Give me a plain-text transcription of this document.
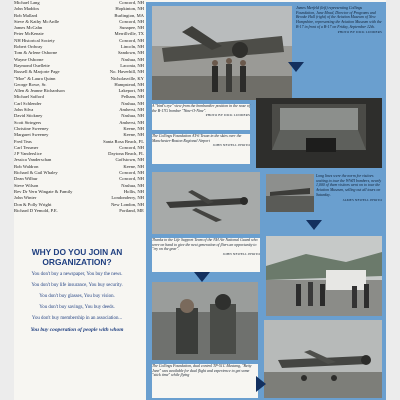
Michael Lang	Concord, NH
John Maddox	Hopkinton, NH
Bob Mallard	Burlington, MA
Steve & Kathy McArdle	Concord, NH
James McCahn	Sunapee, NH
Peter McKenzie	Merrillville, TX
NH Historical Society	Concord, NH
Robert Ordway	Lincoln, NH
Tom & Arlene Osborne	Sandown, NH
Wayne Osborne	Nashua, NH
Raymond Ouellette	Laconia, NH
Russell & Marjorie Page	No. Haverhill, NH
"Moe" & Laura Quinn	Nicholasville, KY
George Rowe, Sr.	Hampstead, NH
Allen & Jeanne Richardson	Lakeport, NH
Michael Safford	Pelham, NH
Carl Schlender	Nashua, NH
John Silva	Amherst, NH
David Stickney	Nashua, NH
Scott Stringers	Amherst, NH
Christine Sweeney	Keene, NH
Margaret Sweeney	Keene, NH
Fred Teas	Santa Rosa Beach, FL
Carl Tessmer	Concord, NH
J P Vanderslice	Daytona Beach, FL
Jessica Vanderschan	Goffstown, NH
Bob Waldron	Keene, NH
Richard & Gail Whaley	Concord, NH
Dean Wilbur	Concord, NH
Steve Wilson	Nashua, NH
Rev Dr Vern Wingate & Family	Hollis, NH
John Winter	Londonderry, NH
Don & Polly Wright	New London, NH
Richard D Yemold, P.E.	Portland, ME
WHY DO YOU JOIN AN ORGANIZATION?
You don't buy a newspaper, You buy the news.
You don't buy life insurance, You buy security.
You don't buy glasses, You buy vision.
You don't buy savings, You buy deeds.
You don't buy membership in an association...
You buy cooperation of people with whom
James Merfeld (left) representing Collings Foundation, Jane Mead, Director of Programs and Brooke Hull (right) of the Aviation Museum of New Hampshire, representing the Aviation Museum with the B-17 in front of a B-17 on Friday, September 12th.
PHOTO BY DICK LUDDERS
A "bird's eye" view from the bombardier position in the nose of the B-17G bomber "Nine-O-Nine".
PHOTO BY DICK LUDDERS
The Collings Foundation AT-6 Texan in the skies over the Manchester-Boston Regional Airport
JOHN NEWELL PHOTO
Long lines were the norm for visitors waiting to tour the WWII bombers, nearly 1,000 of them visitors went on to tour the Aviation Museum, selling out all tours on Saturday.
JAMES NEWELL PHOTO
Thanks to the Life Support Team of the NH Air National Guard who were on hand to give the next generation of fliers an opportunity to "try on the gear".
JOHN NEWELL PHOTO
The Collings Foundation, dual control TP-51C Mustang, "Betty Jane" was available for dual flight and experience to get some "stick time" while flying
